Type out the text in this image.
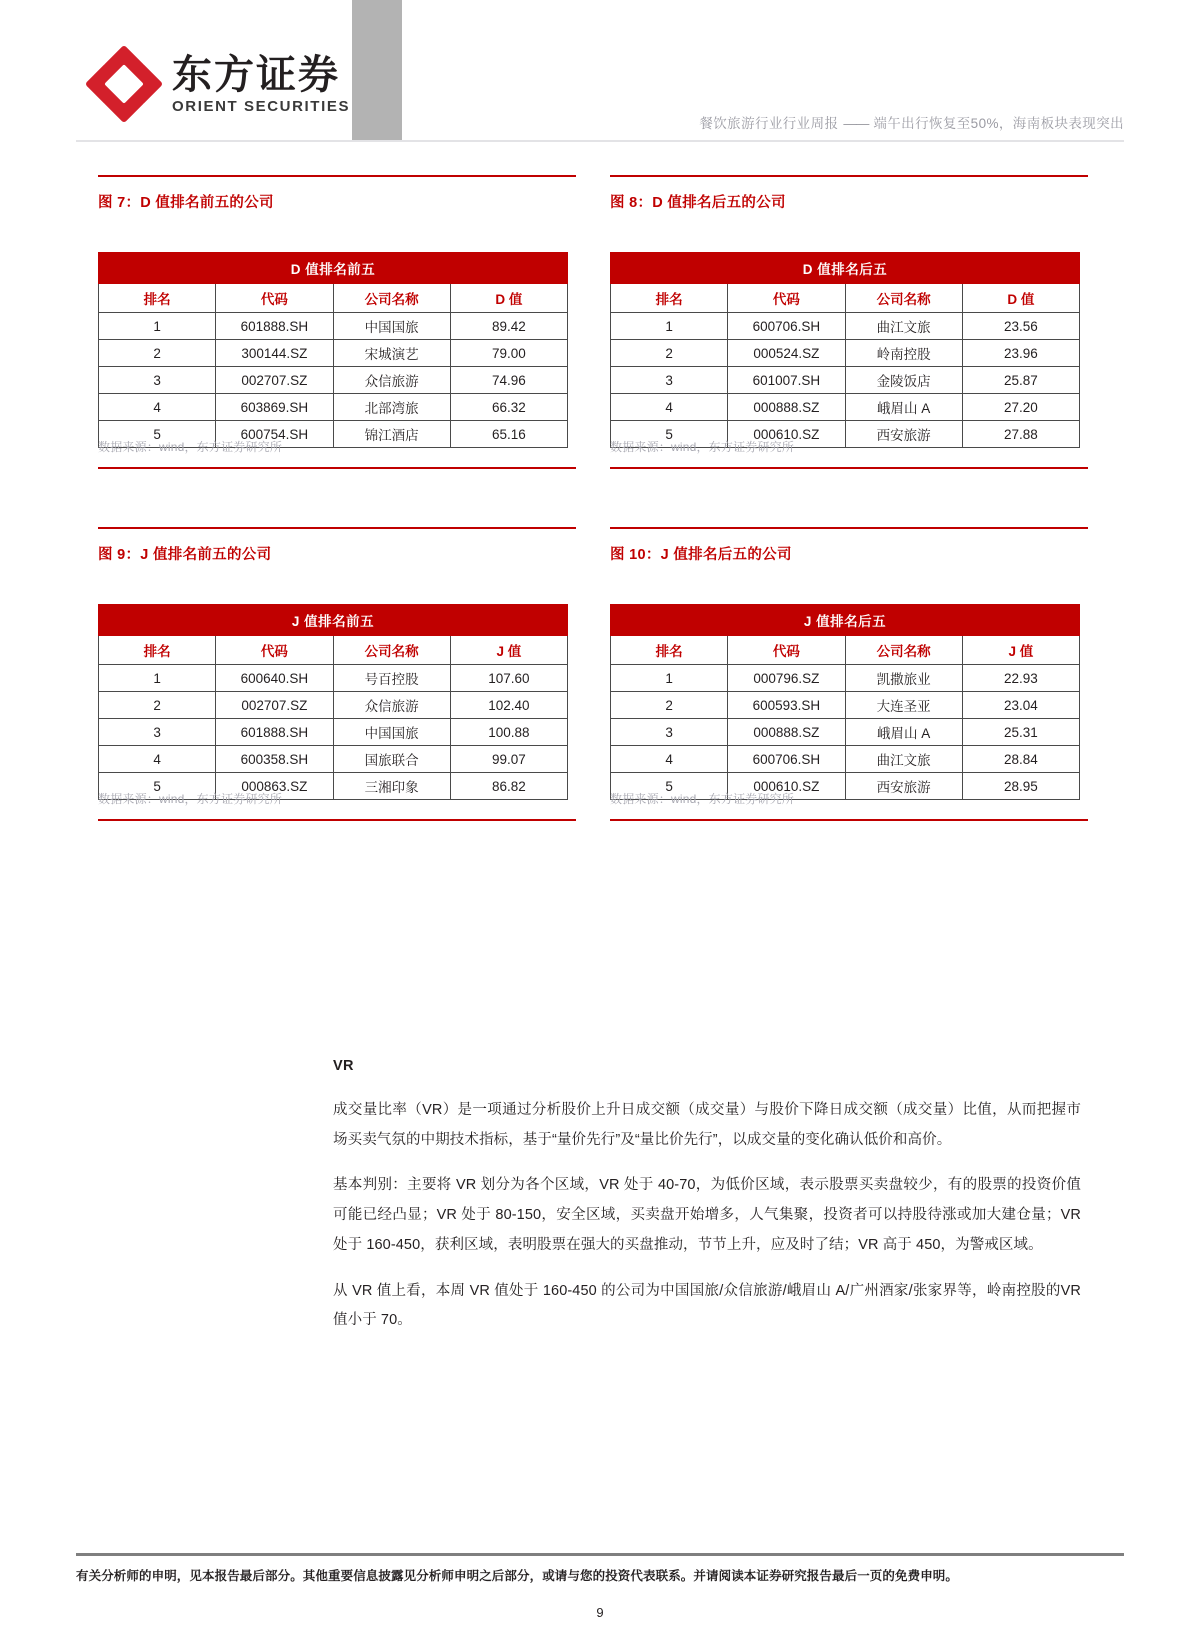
东方证券
ORIENT SECURITIES
餐饮旅游行业行业周报 —— 端午出行恢复至50%，海南板块表现突出
图 7：D 值排名前五的公司
D 值排名前五			
排名	代码	公司名称	D 值
1	601888.SH	中国国旅	89.42
2	300144.SZ	宋城演艺	79.00
3	002707.SZ	众信旅游	74.96
4	603869.SH	北部湾旅	66.32
5	600754.SH	锦江酒店	65.16
数据来源：wind，东方证券研究所
图 8：D 值排名后五的公司
D 值排名后五			
排名	代码	公司名称	D 值
1	600706.SH	曲江文旅	23.56
2	000524.SZ	岭南控股	23.96
3	601007.SH	金陵饭店	25.87
4	000888.SZ	峨眉山 A	27.20
5	000610.SZ	西安旅游	27.88
数据来源：wind，东方证券研究所
图 9：J 值排名前五的公司
J 值排名前五			
排名	代码	公司名称	J 值
1	600640.SH	号百控股	107.60
2	002707.SZ	众信旅游	102.40
3	601888.SH	中国国旅	100.88
4	600358.SH	国旅联合	99.07
5	000863.SZ	三湘印象	86.82
数据来源：wind，东方证券研究所
图 10：J 值排名后五的公司
J 值排名后五			
排名	代码	公司名称	J 值
1	000796.SZ	凯撒旅业	22.93
2	600593.SH	大连圣亚	23.04
3	000888.SZ	峨眉山 A	25.31
4	600706.SH	曲江文旅	28.84
5	000610.SZ	西安旅游	28.95
数据来源：wind，东方证券研究所
VR

成交量比率（VR）是一项通过分析股价上升日成交额（成交量）与股价下降日成交额（成交量）比值，从而把握市场买卖气氛的中期技术指标，基于“量价先行”及“量比价先行”，以成交量的变化确认低价和高价。

基本判别：主要将 VR 划分为各个区域，VR 处于 40-70，为低价区域，表示股票买卖盘较少，有的股票的投资价值可能已经凸显；VR 处于 80-150，安全区域，买卖盘开始增多，人气集聚，投资者可以持股待涨或加大建仓量；VR 处于 160-450，获利区域，表明股票在强大的买盘推动，节节上升，应及时了结；VR 高于 450，为警戒区域。

从 VR 值上看，本周 VR 值处于 160-450 的公司为中国国旅/众信旅游/峨眉山 A/广州酒家/张家界等，岭南控股的VR 值小于 70。

有关分析师的申明，见本报告最后部分。其他重要信息披露见分析师申明之后部分，或请与您的投资代表联系。并请阅读本证券研究报告最后一页的免费申明。
9
